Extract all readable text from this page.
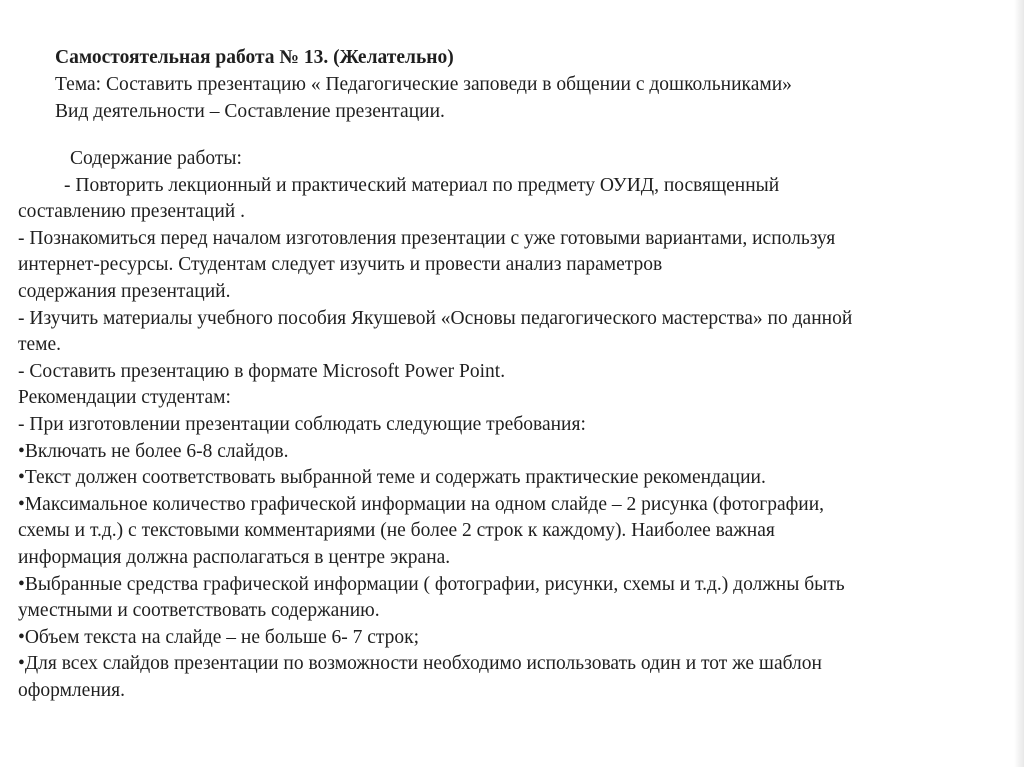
Самостоятельная работа № 13. (Желательно)
Тема: Составить презентацию « Педагогические заповеди в общении с дошкольниками»
Вид деятельности – Составление презентации.
Содержание работы:
- Повторить лекционный и практический материал по предмету ОУИД, посвященный
составлению презентаций .
- Познакомиться перед началом изготовления презентации с уже готовыми вариантами, используя
интернет-ресурсы. Студентам следует изучить и провести анализ параметров
содержания презентаций.
- Изучить материалы учебного пособия Якушевой «Основы педагогического мастерства» по данной
теме.
- Составить презентацию в формате Microsoft Power Point.
Рекомендации студентам:
- При изготовлении презентации соблюдать следующие требования:
•Включать не более 6-8 слайдов.
•Текст должен соответствовать выбранной теме и содержать практические рекомендации.
•Максимальное количество графической информации на одном слайде – 2 рисунка (фотографии,
схемы и т.д.) с текстовыми комментариями (не более 2 строк к каждому). Наиболее важная
информация должна располагаться в центре экрана.
•Выбранные средства графической информации ( фотографии, рисунки, схемы и т.д.) должны быть
уместными и соответствовать содержанию.
•Объем текста на слайде – не больше 6- 7 строк;
•Для всех слайдов презентации по возможности необходимо использовать один и тот же шаблон
оформления.
